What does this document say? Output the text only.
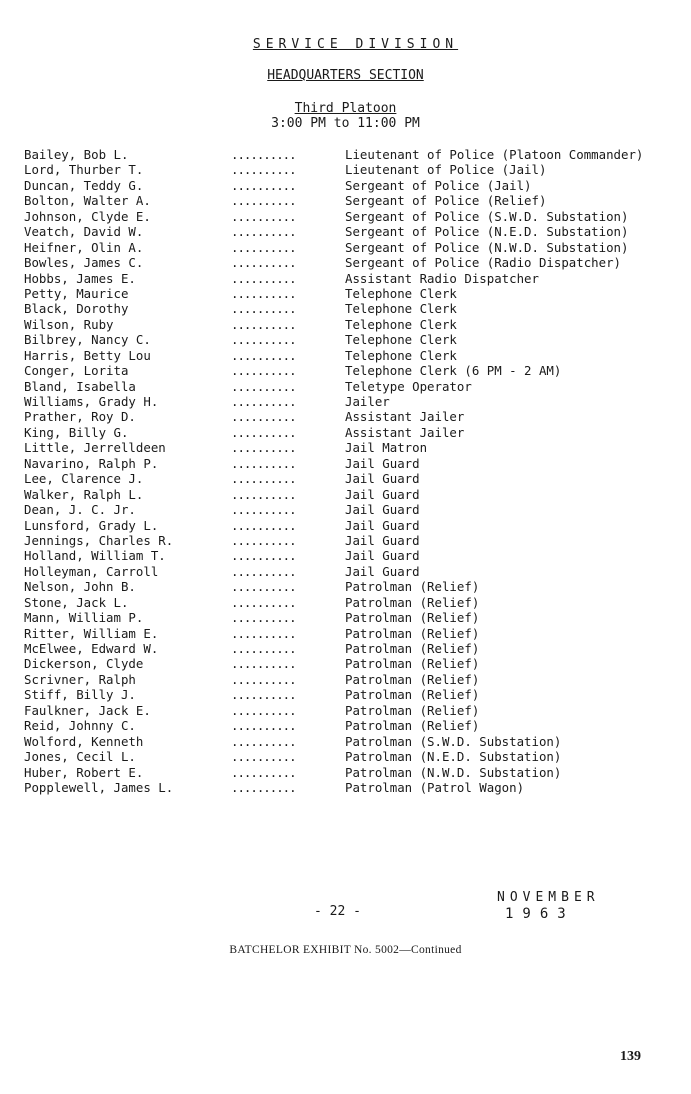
SERVICE DIVISION
HEADQUARTERS SECTION
Third Platoon
3:00 PM to 11:00 PM
Bailey, Bob L.	..........	Lieutenant of Police (Platoon Commander)
Lord, Thurber T.	..........	Lieutenant of Police (Jail)
Duncan, Teddy G.	..........	Sergeant of Police (Jail)
Bolton, Walter A.	..........	Sergeant of Police (Relief)
Johnson, Clyde E.	..........	Sergeant of Police (S.W.D. Substation)
Veatch, David W.	..........	Sergeant of Police (N.E.D. Substation)
Heifner, Olin A.	..........	Sergeant of Police (N.W.D. Substation)
Bowles, James C.	..........	Sergeant of Police (Radio Dispatcher)
Hobbs, James E.	..........	Assistant Radio Dispatcher
Petty, Maurice	..........	Telephone Clerk
Black, Dorothy	..........	Telephone Clerk
Wilson, Ruby	..........	Telephone Clerk
Bilbrey, Nancy C.	..........	Telephone Clerk
Harris, Betty Lou	..........	Telephone Clerk
Conger, Lorita	..........	Telephone Clerk (6 PM - 2 AM)
Bland, Isabella	..........	Teletype Operator
Williams, Grady H.	..........	Jailer
Prather, Roy D.	..........	Assistant Jailer
King, Billy G.	..........	Assistant Jailer
Little, Jerrelldeen	..........	Jail Matron
Navarino, Ralph P.	..........	Jail Guard
Lee, Clarence J.	..........	Jail Guard
Walker, Ralph L.	..........	Jail Guard
Dean, J. C. Jr.	..........	Jail Guard
Lunsford, Grady L.	..........	Jail Guard
Jennings, Charles R.	..........	Jail Guard
Holland, William T.	..........	Jail Guard
Holleyman, Carroll	..........	Jail Guard
Nelson, John B.	..........	Patrolman (Relief)
Stone, Jack L.	..........	Patrolman (Relief)
Mann, William P.	..........	Patrolman (Relief)
Ritter, William E.	..........	Patrolman (Relief)
McElwee, Edward W.	..........	Patrolman (Relief)
Dickerson, Clyde	..........	Patrolman (Relief)
Scrivner, Ralph	..........	Patrolman (Relief)
Stiff, Billy J.	..........	Patrolman (Relief)
Faulkner, Jack E.	..........	Patrolman (Relief)
Reid, Johnny C.	..........	Patrolman (Relief)
Wolford, Kenneth	..........	Patrolman (S.W.D. Substation)
Jones, Cecil L.	..........	Patrolman (N.E.D. Substation)
Huber, Robert E.	..........	Patrolman (N.W.D. Substation)
Popplewell, James L.	..........	Patrolman (Patrol Wagon)
- 22 -
NOVEMBER
1963
BATCHELOR EXHIBIT No. 5002—Continued
139
